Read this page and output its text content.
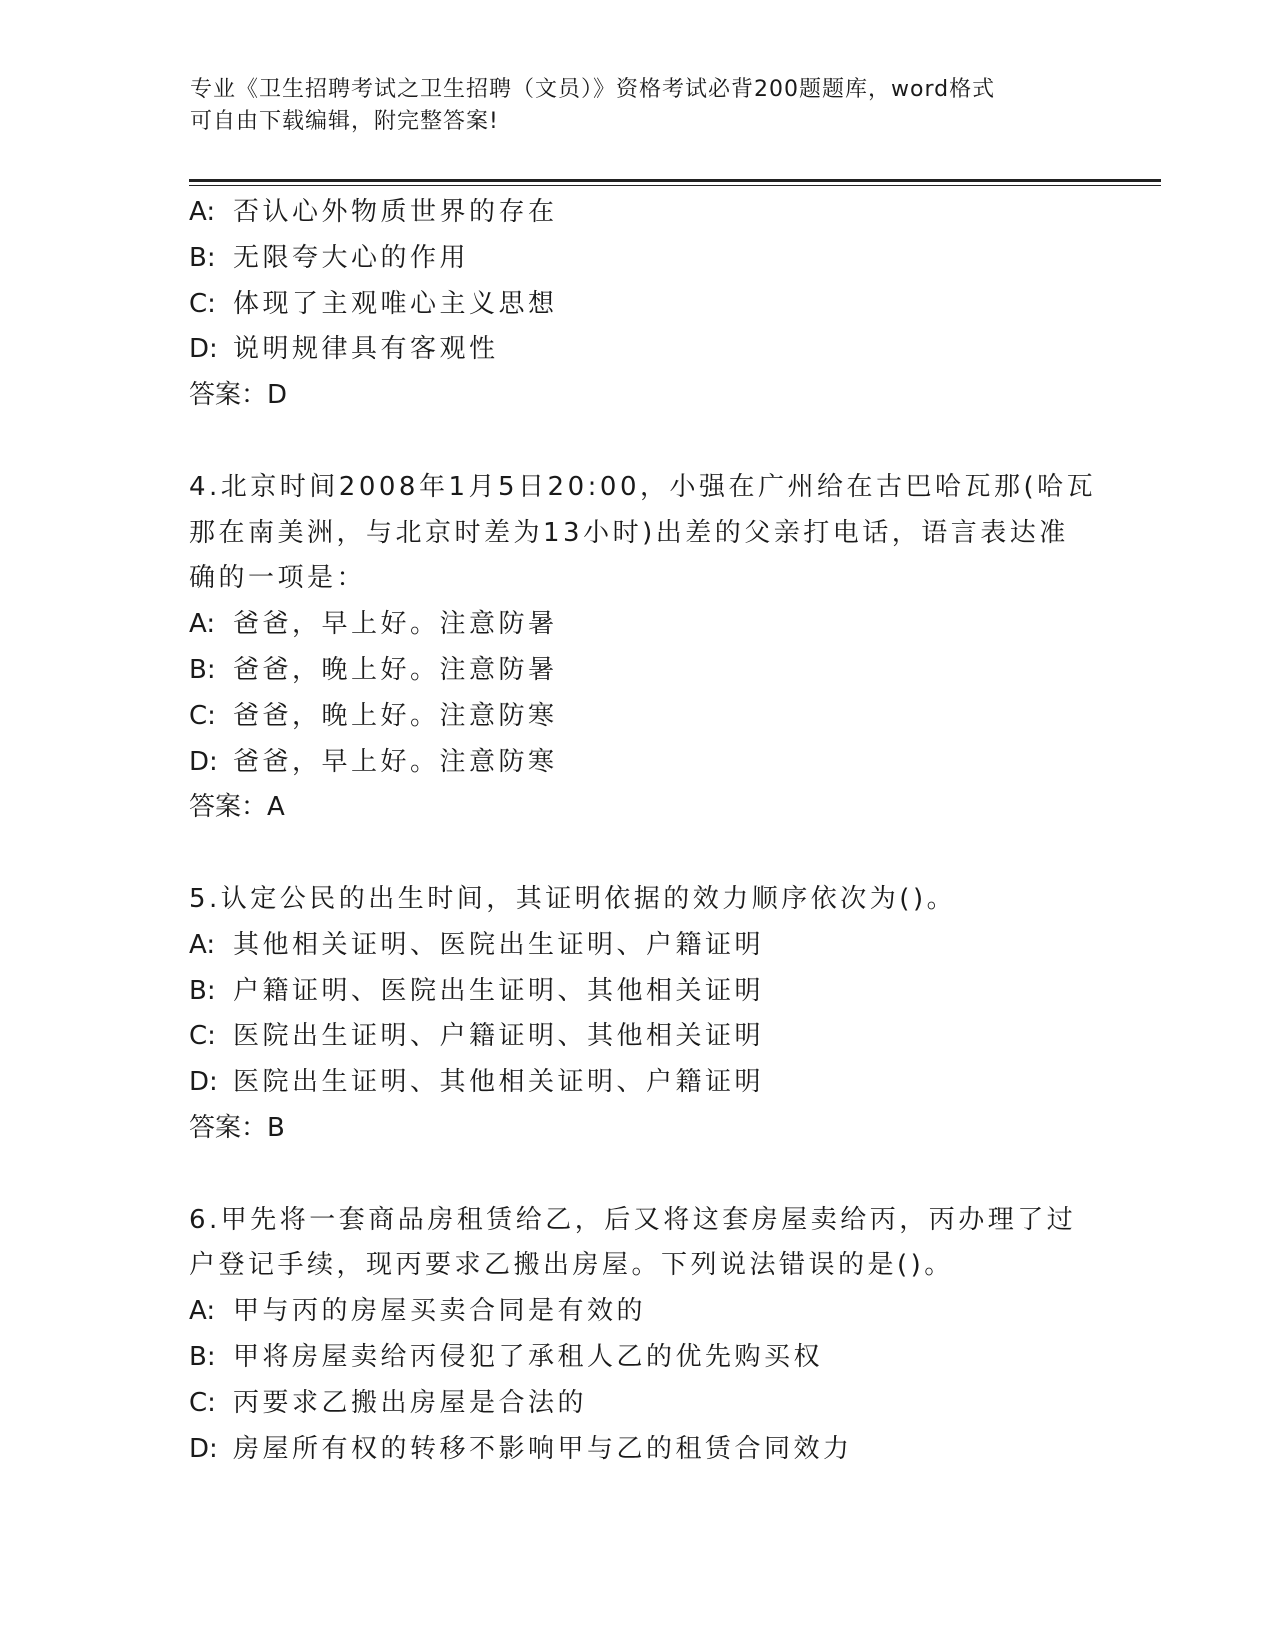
专业《卫生招聘考试之卫生招聘（文员）》资格考试必背200题题库，word格式
可自由下载编辑，附完整答案!
A: 否认心外物质世界的存在
B: 无限夸大心的作用
C: 体现了主观唯心主义思想
D: 说明规律具有客观性
答案：D
4.北京时间2008年1月5日20:00，小强在广州给在古巴哈瓦那(哈瓦
那在南美洲，与北京时差为13小时)出差的父亲打电话，语言表达准
确的一项是：
A: 爸爸，早上好。注意防暑
B: 爸爸，晚上好。注意防暑
C: 爸爸，晚上好。注意防寒
D: 爸爸，早上好。注意防寒
答案：A
5.认定公民的出生时间，其证明依据的效力顺序依次为()。
A: 其他相关证明、医院出生证明、户籍证明
B: 户籍证明、医院出生证明、其他相关证明
C: 医院出生证明、户籍证明、其他相关证明
D: 医院出生证明、其他相关证明、户籍证明
答案：B
6.甲先将一套商品房租赁给乙，后又将这套房屋卖给丙，丙办理了过
户登记手续，现丙要求乙搬出房屋。下列说法错误的是()。
A: 甲与丙的房屋买卖合同是有效的
B: 甲将房屋卖给丙侵犯了承租人乙的优先购买权
C: 丙要求乙搬出房屋是合法的
D: 房屋所有权的转移不影响甲与乙的租赁合同效力
